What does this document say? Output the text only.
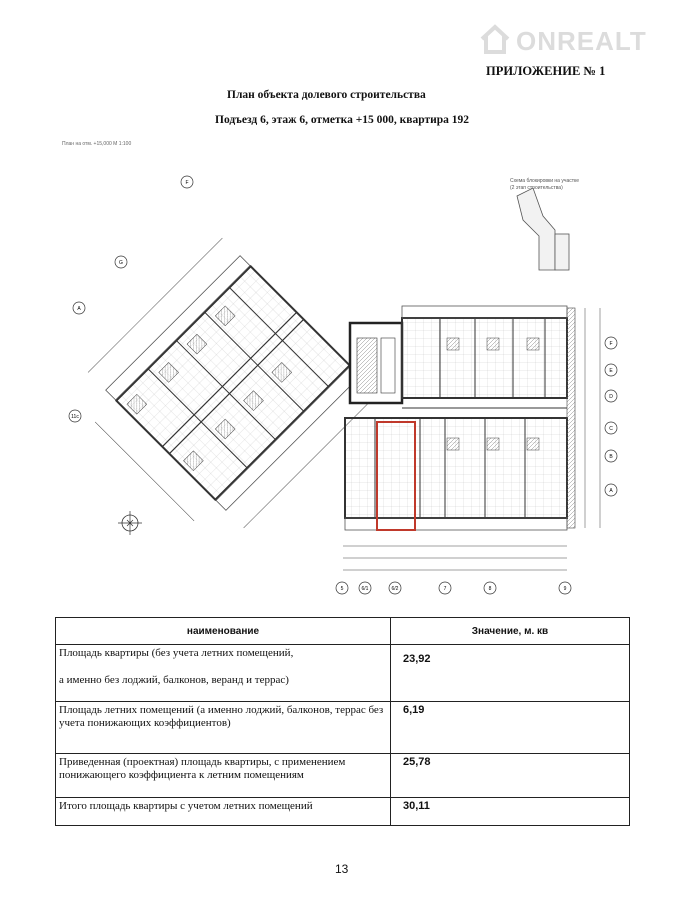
ONREALT
ПРИЛОЖЕНИЕ № 1
План объекта долевого строительства
Подъезд 6, этаж 6, отметка +15 000, квартира 192
План на отм. +15,000 М 1:100
Схема блокировки на участке
(2 этап строительства)
5	6/1	6/2	7	8	9
F
E
D
C
B
A
F
G
A
11c
наименование	Значение, м. кв

Площадь квартиры (без учета летних помещений,

а именно без лоджий, балконов, веранд и террас)	23,92

Площадь летних помещений (а именно лоджий, балконов, террас без

учета понижающих коэффициентов)	6,19

Приведенная (проектная) площадь квартиры, с применением

понижающего коэффициента к летним помещениям	25,78

Итого площадь квартиры с учетом летних помещений	30,11
13
